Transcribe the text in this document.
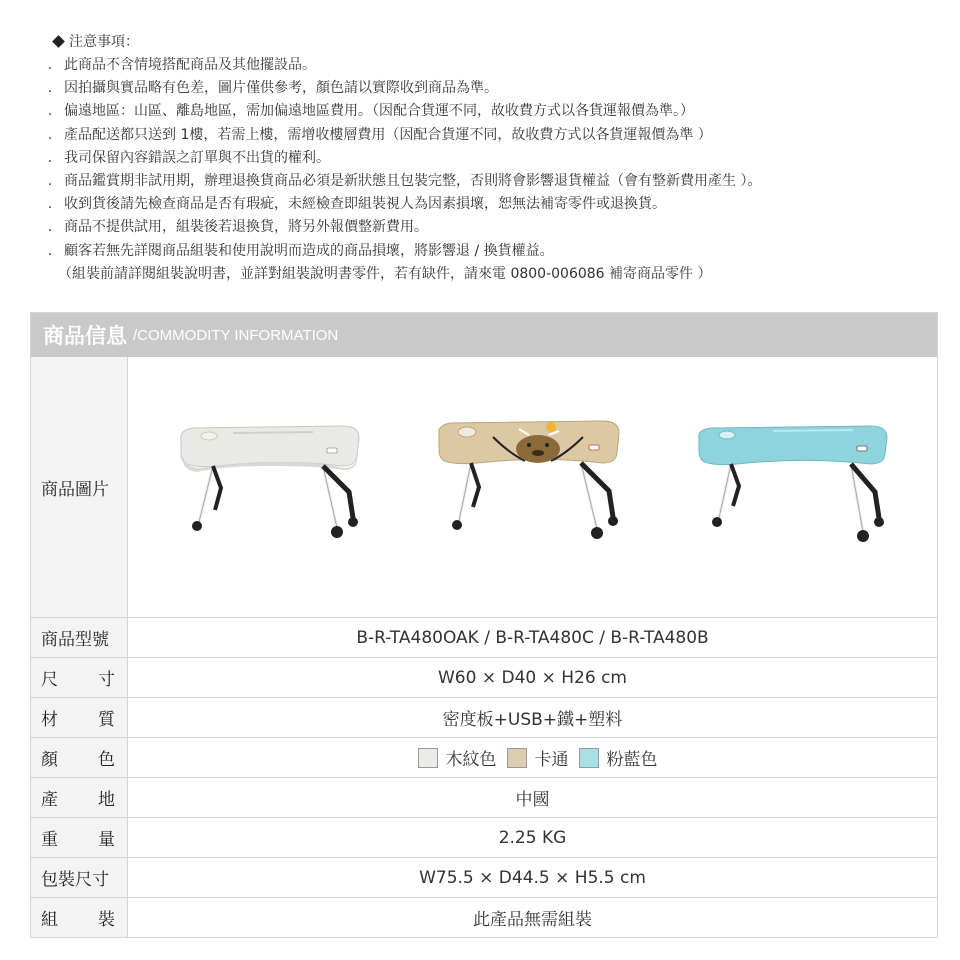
注意事項：
. 此商品不含情境搭配商品及其他擺設品。
. 因拍攝與實品略有色差，圖片僅供參考，顏色請以實際收到商品為準。
. 偏遠地區：山區、離島地區，需加偏遠地區費用。（因配合貨運不同，故收費方式以各貨運報價為準。）
. 產品配送都只送到 1樓，若需上樓，需增收樓層費用（因配合貨運不同，故收費方式以各貨運報價為準 ）
. 我司保留內容錯誤之訂單與不出貨的權利。
. 商品鑑賞期非試用期，辦理退換貨商品必須是新狀態且包裝完整，否則將會影響退貨權益（會有整新費用產生 ）。
. 收到貨後請先檢查商品是否有瑕疵，未經檢查即組裝視人為因素損壞，恕無法補寄零件或退換貨。
. 商品不提供試用，組裝後若退換貨，將另外報價整新費用。
. 顧客若無先詳閱商品組裝和使用說明而造成的商品損壞，將影響退 / 換貨權益。
（組裝前請詳閱組裝說明書，並詳對組裝說明書零件，若有缺件，請來電 0800-006086 補寄商品零件 ）
商品信息 /COMMODITY INFORMATION
商品圖片
商品型號	B-R-TA480OAK / B-R-TA480C / B-R-TA480B
尺 寸	W60 × D40 × H26 cm
材 質	密度板+USB+鐵+塑料
顏 色	木紋色 卡通 粉藍色
產 地	中國
重 量	2.25 KG
包裝尺寸	W75.5 × D44.5 × H5.5 cm
組 裝	此產品無需組裝
